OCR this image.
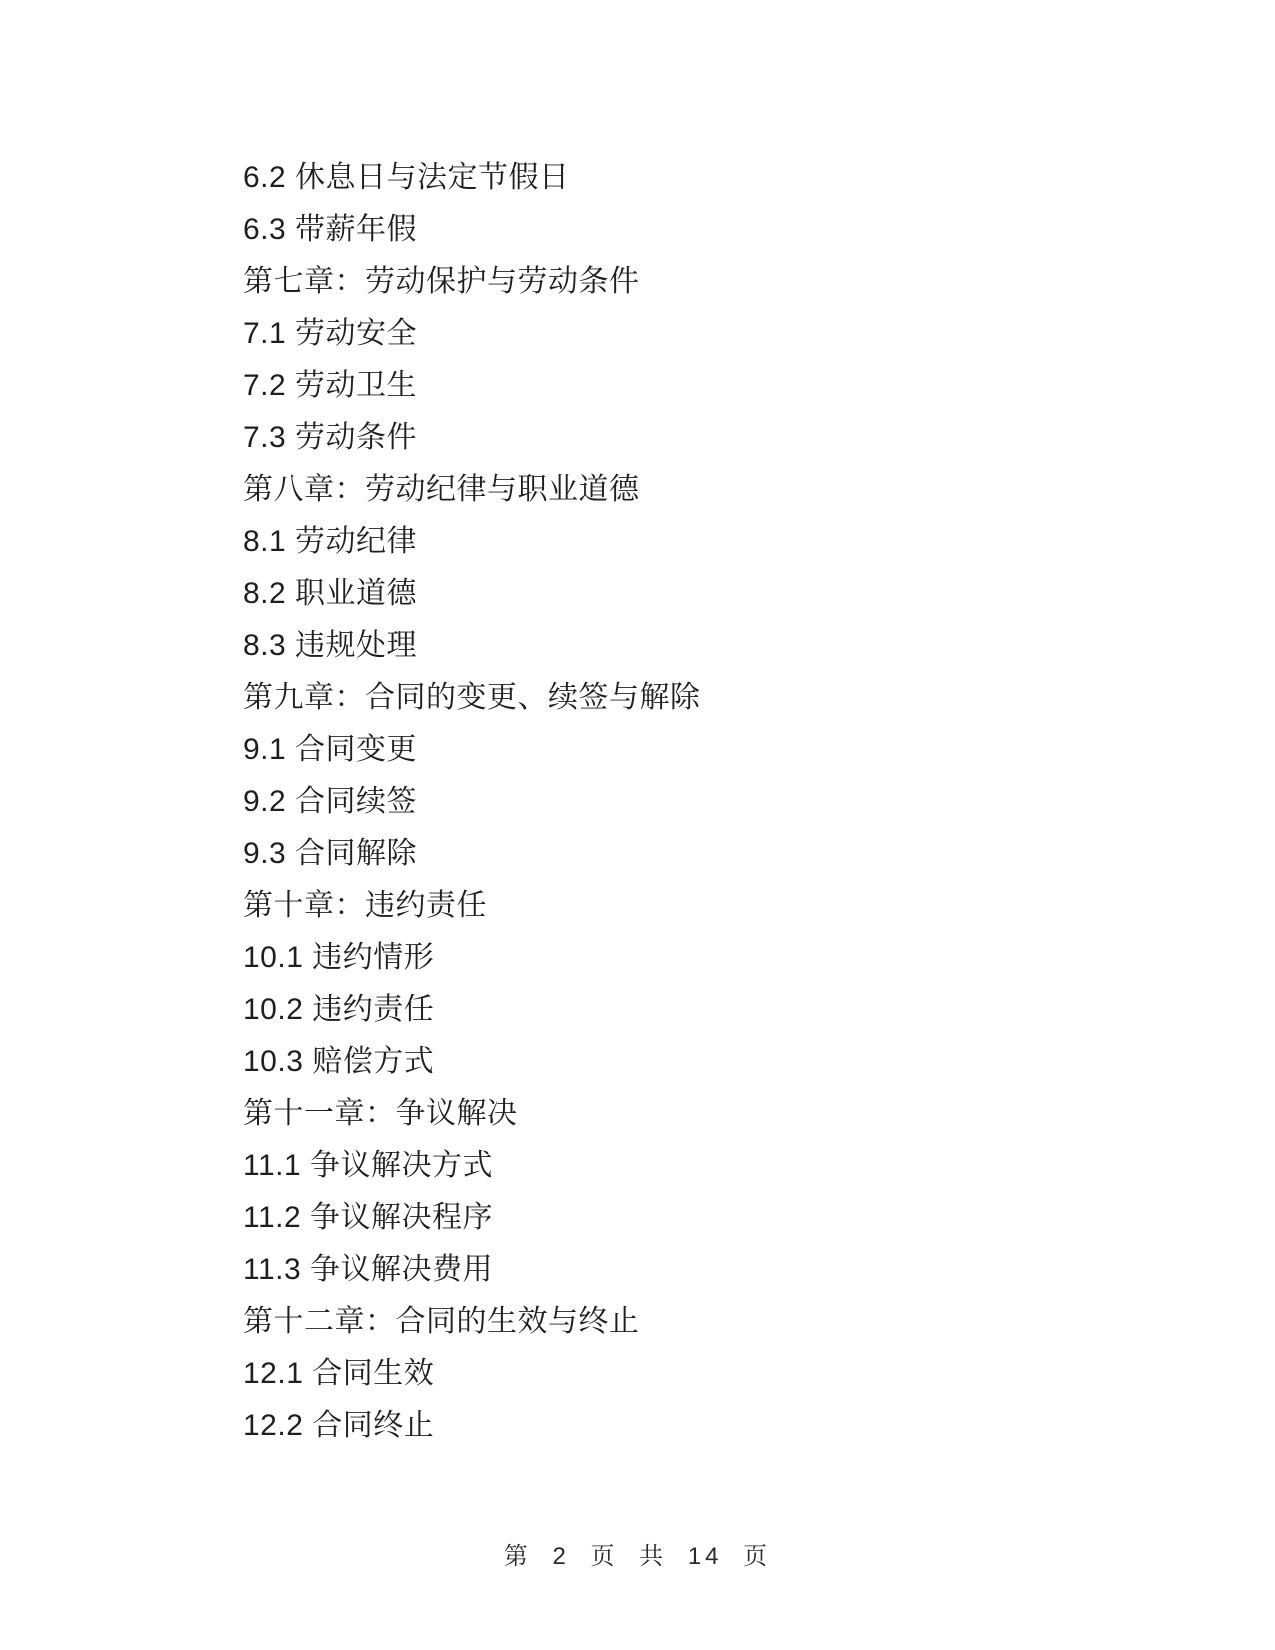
6.2 休息日与法定节假日

6.3 带薪年假

第七章：劳动保护与劳动条件

7.1 劳动安全

7.2 劳动卫生

7.3 劳动条件

第八章：劳动纪律与职业道德

8.1 劳动纪律

8.2 职业道德

8.3 违规处理

第九章：合同的变更、续签与解除

9.1 合同变更

9.2 合同续签

9.3 合同解除

第十章：违约责任

10.1 违约情形

10.2 违约责任

10.3 赔偿方式

第十一章：争议解决

11.1 争议解决方式

11.2 争议解决程序

11.3 争议解决费用

第十二章：合同的生效与终止

12.1 合同生效

12.2 合同终止

第 2 页 共 14 页
